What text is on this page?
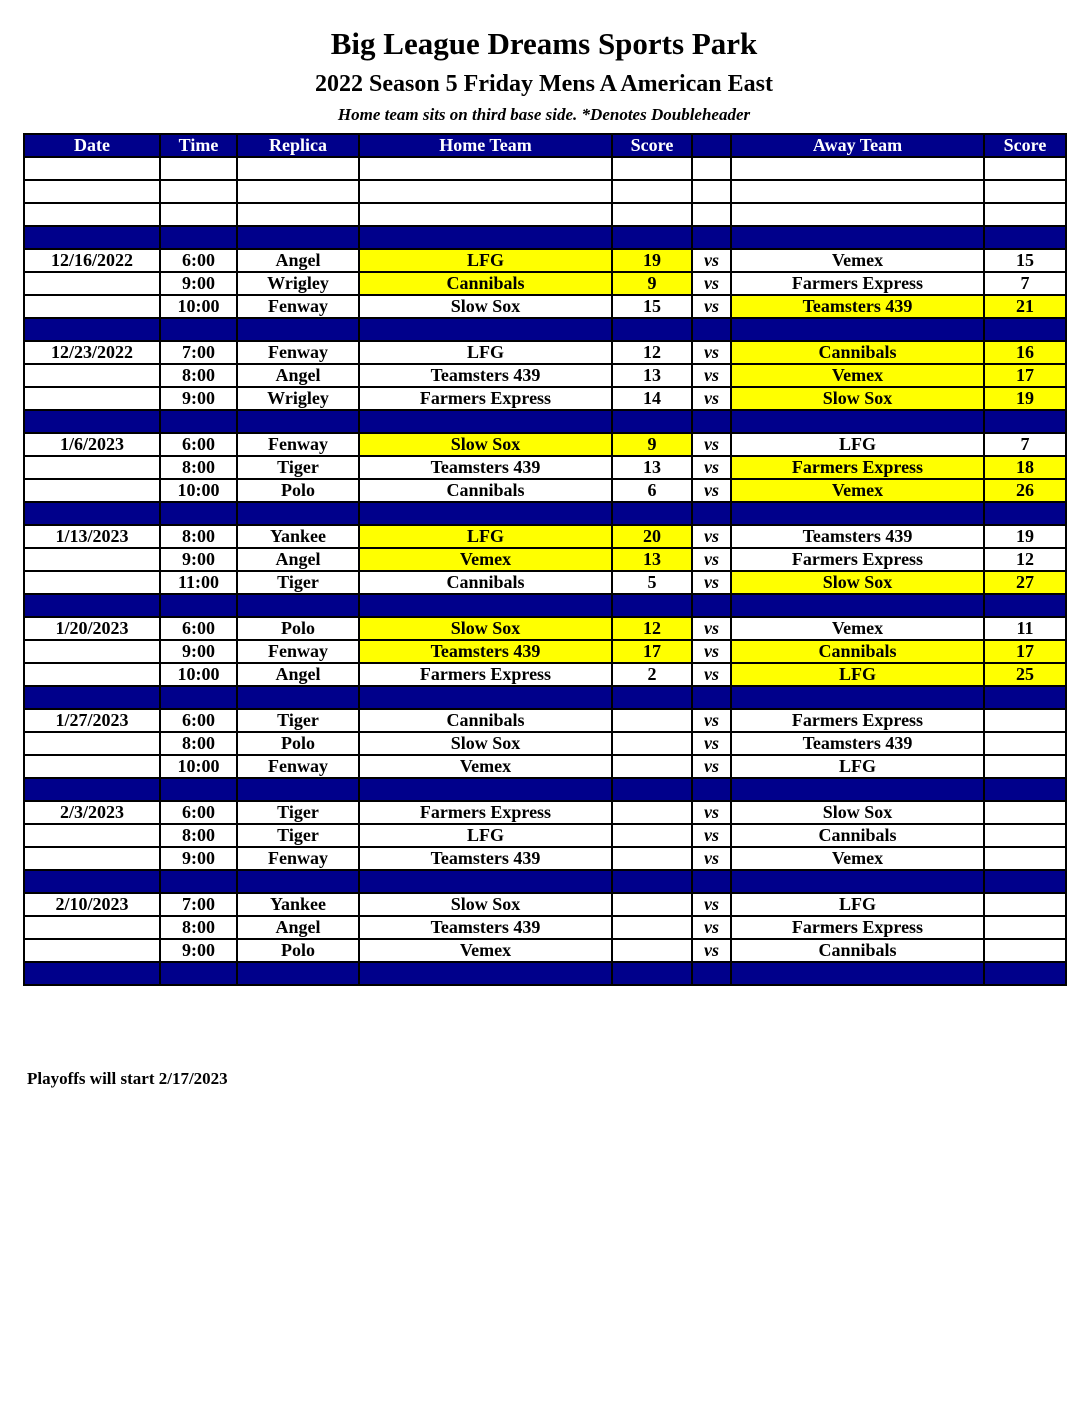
Big League Dreams Sports Park
2022 Season 5 Friday Mens A American East
Home team sits on third base side. *Denotes Doubleheader
Date	Time	Replica	Home Team	Score		Away Team	Score

12/16/2022	6:00	Angel	LFG	19	vs	Vemex	15
	9:00	Wrigley	Cannibals	9	vs	Farmers Express	7
	10:00	Fenway	Slow Sox	15	vs	Teamsters 439	21

12/23/2022	7:00	Fenway	LFG	12	vs	Cannibals	16
	8:00	Angel	Teamsters 439	13	vs	Vemex	17
	9:00	Wrigley	Farmers Express	14	vs	Slow Sox	19

1/6/2023	6:00	Fenway	Slow Sox	9	vs	LFG	7
	8:00	Tiger	Teamsters 439	13	vs	Farmers Express	18
	10:00	Polo	Cannibals	6	vs	Vemex	26

1/13/2023	8:00	Yankee	LFG	20	vs	Teamsters 439	19
	9:00	Angel	Vemex	13	vs	Farmers Express	12
	11:00	Tiger	Cannibals	5	vs	Slow Sox	27

1/20/2023	6:00	Polo	Slow Sox	12	vs	Vemex	11
	9:00	Fenway	Teamsters 439	17	vs	Cannibals	17
	10:00	Angel	Farmers Express	2	vs	LFG	25

1/27/2023	6:00	Tiger	Cannibals		vs	Farmers Express	
	8:00	Polo	Slow Sox		vs	Teamsters 439	
	10:00	Fenway	Vemex		vs	LFG	

2/3/2023	6:00	Tiger	Farmers Express		vs	Slow Sox	
	8:00	Tiger	LFG		vs	Cannibals	
	9:00	Fenway	Teamsters 439		vs	Vemex	

2/10/2023	7:00	Yankee	Slow Sox		vs	LFG	
	8:00	Angel	Teamsters 439		vs	Farmers Express	
	9:00	Polo	Vemex		vs	Cannibals	

Playoffs will start 2/17/2023
